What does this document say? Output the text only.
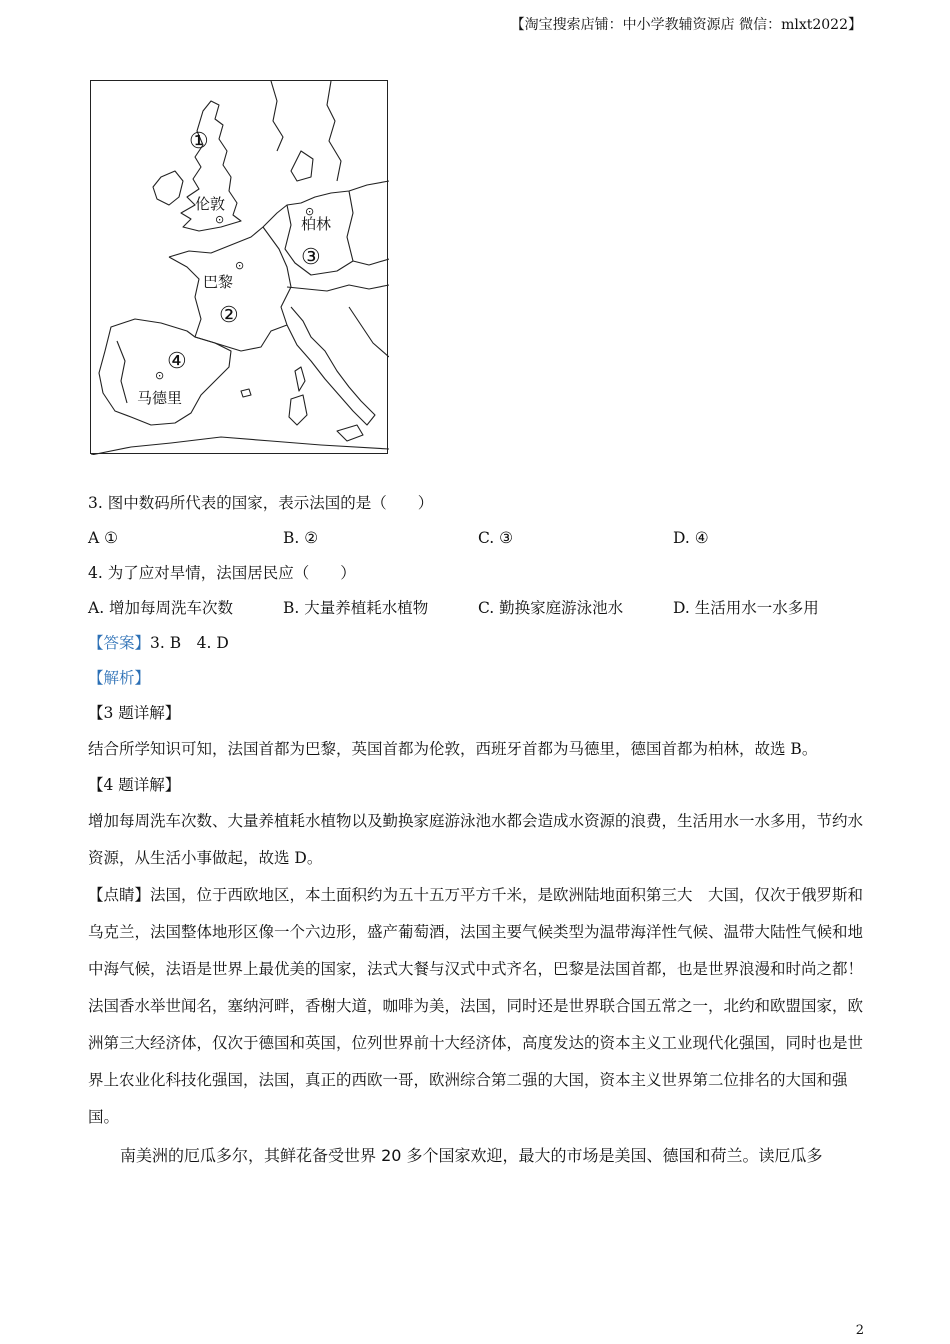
【淘宝搜索店铺：中小学教辅资源店 微信：mlxt2022】
①
伦敦
⊙
⊙
柏林
③
⊙
巴黎
②
④
⊙
马德里
3. 图中数码所代表的国家，表示法国的是（　　）
A ①	B. ②	C. ③	D. ④
4. 为了应对旱情，法国居民应（　　）
A. 增加每周洗车次数	B. 大量养植耗水植物	C. 勤换家庭游泳池水	D. 生活用水一水多用
【答案】3. B　4. D
【解析】
【3 题详解】
结合所学知识可知，法国首都为巴黎，英国首都为伦敦，西班牙首都为马德里，德国首都为柏林，故选 B。
【4 题详解】
增加每周洗车次数、大量养植耗水植物以及勤换家庭游泳池水都会造成水资源的浪费，生活用水一水多用，节约水资源，从生活小事做起，故选 D。
【点睛】法国，位于西欧地区，本土面积约为五十五万平方千米，是欧洲陆地面积第三大　大国，仅次于俄罗斯和乌克兰，法国整体地形区像一个六边形，盛产葡萄酒，法国主要气候类型为温带海洋性气候、温带大陆性气候和地中海气候，法语是世界上最优美的国家，法式大餐与汉式中式齐名，巴黎是法国首都，也是世界浪漫和时尚之都！法国香水举世闻名，塞纳河畔，香榭大道，咖啡为美，法国，同时还是世界联合国五常之一，北约和欧盟国家，欧洲第三大经济体，仅次于德国和英国，位列世界前十大经济体，高度发达的资本主义工业现代化强国，同时也是世界上农业化科技化强国，法国，真正的西欧一哥，欧洲综合第二强的大国，资本主义世界第二位排名的大国和强国。
南美洲的厄瓜多尔，其鲜花备受世界 20 多个国家欢迎，最大的市场是美国、德国和荷兰。读厄瓜多
2
